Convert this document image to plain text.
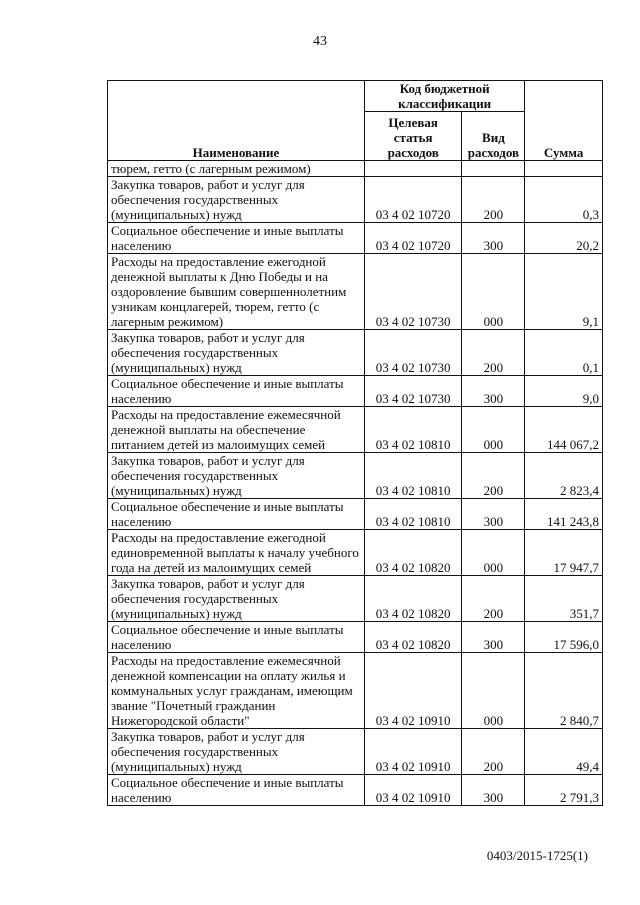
43
Наименование	Код бюджетной классификации		Сумма
	Целевая статья расходов	Вид расходов	
тюрем, гетто (с лагерным режимом)			
Закупка товаров, работ и услуг для обеспечения государственных (муниципальных) нужд	03 4 02 10720	200	0,3
Социальное обеспечение и иные выплаты населению	03 4 02 10720	300	20,2
Расходы на предоставление ежегодной денежной выплаты к Дню Победы и на оздоровление бывшим совершеннолетним узникам концлагерей, тюрем, гетто (с лагерным режимом)	03 4 02 10730	000	9,1
Закупка товаров, работ и услуг для обеспечения государственных (муниципальных) нужд	03 4 02 10730	200	0,1
Социальное обеспечение и иные выплаты населению	03 4 02 10730	300	9,0
Расходы на предоставление ежемесячной денежной выплаты на обеспечение питанием детей из малоимущих семей	03 4 02 10810	000	144 067,2
Закупка товаров, работ и услуг для обеспечения государственных (муниципальных) нужд	03 4 02 10810	200	2 823,4
Социальное обеспечение и иные выплаты населению	03 4 02 10810	300	141 243,8
Расходы на предоставление ежегодной единовременной выплаты к началу учебного года на детей из малоимущих семей	03 4 02 10820	000	17 947,7
Закупка товаров, работ и услуг для обеспечения государственных (муниципальных) нужд	03 4 02 10820	200	351,7
Социальное обеспечение и иные выплаты населению	03 4 02 10820	300	17 596,0
Расходы на предоставление ежемесячной денежной компенсации на оплату жилья и коммунальных услуг гражданам, имеющим звание "Почетный гражданин Нижегородской области"	03 4 02 10910	000	2 840,7
Закупка товаров, работ и услуг для обеспечения государственных (муниципальных) нужд	03 4 02 10910	200	49,4
Социальное обеспечение и иные выплаты населению	03 4 02 10910	300	2 791,3
0403/2015-1725(1)
